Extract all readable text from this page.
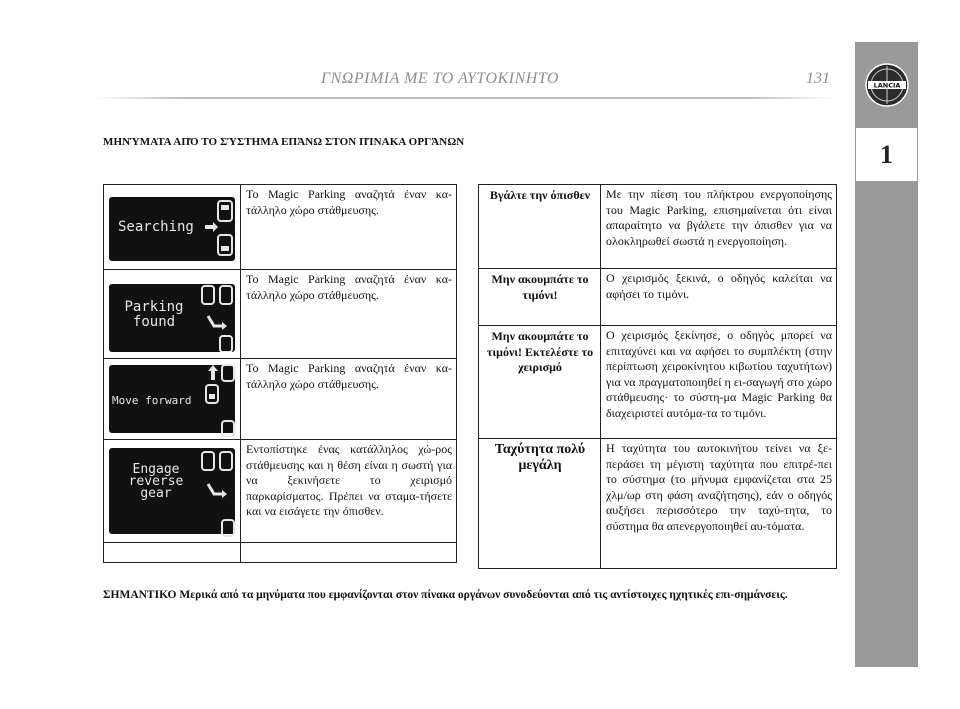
ΓΝΩΡΙΜΙΑ ΜΕ ΤΟ ΑΥΤΟΚΙΝΗΤΟ	131	LANCIA
1
ΜΗΝΎΜΑΤΑ ΑΠΌ ΤΟ ΣΎΣΤΗΜΑ ΕΠΆΝΩ ΣΤΟΝ ΠΊΝΑΚΑ ΟΡΓΆΝΩΝ
Searching	Το Magic Parking αναζητά έναν κα-τάλληλο χώρο στάθμευσης.

Parking
found	Το Magic Parking αναζητά έναν κα-τάλληλο χώρο στάθμευσης.

Move forward	Το Magic Parking αναζητά έναν κα-τάλληλο χώρο στάθμευσης.

Engage
reverse
gear	Εντοπίστηκε ένας κατάλληλος χώ-ρος στάθμευσης και η θέση είναι η σωστή για να ξεκινήσετε το χειρισμό παρκαρίσματος. Πρέπει να σταμα-τήσετε και να εισάγετε την όπισθεν.

Βγάλτε την όπισθεν	Με την πίεση του πλήκτρου ενεργοποίησης του Magic Parking, επισημαίνεται ότι είναι απαραίτητο να βγάλετε την όπισθεν για να ολοκληρωθεί σωστά η ενεργοποίηση.
Μην ακουμπάτε το τιμόνι!	Ο χειρισμός ξεκινά, ο οδηγός καλείται να αφήσει το τιμόνι.
Μην ακουμπάτε το τιμόνι! Εκτελέστε το χειρισμό	Ο χειρισμός ξεκίνησε, ο οδηγός μπορεί να επιταχύνει και να αφήσει το συμπλέκτη (στην περίπτωση χειροκίνητου κιβωτίου ταχυτήτων) για να πραγματοποιηθεί η ει-σαγωγή στο χώρο στάθμευσης· το σύστη-μα Magic Parking θα διαχειριστεί αυτόμα-τα το τιμόνι.
Ταχύτητα πολύ μεγάλη	Η ταχύτητα του αυτοκινήτου τείνει να ξε-περάσει τη μέγιστη ταχύτητα που επιτρέ-πει το σύστημα (το μήνυμα εμφανίζεται στα 25 χλμ/ωρ στη φάση αναζήτησης), εάν ο οδηγός αυξήσει περισσότερο την ταχύ-τητα, το σύστημα θα απενεργοποιηθεί αυ-τόματα.
ΣΗΜΑΝΤΙΚΟ Μερικά από τα μηνύματα που εμφανίζονται στον πίνακα οργάνων συνοδεύονται από τις αντίστοιχες ηχητικές επι-σημάνσεις.
